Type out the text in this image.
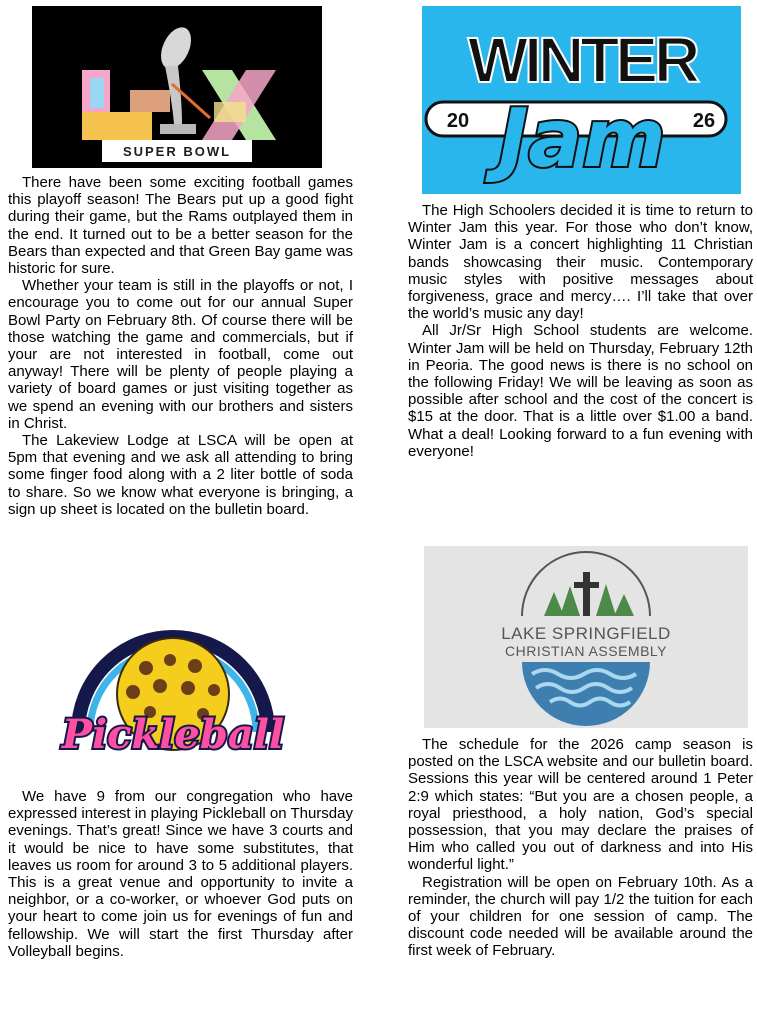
SUPER BOWL
WINTER
20	26
Jam

There have been some exciting football games this playoff season! The Bears put up a good fight during their game, but the Rams outplayed them in the end. It turned out to be a better season for the Bears than expected and that Green Bay game was historic for sure.

Whether your team is still in the playoffs or not, I encourage you to come out for our annual Super Bowl Party on February 8th. Of course there will be those watching the game and commercials, but if your are not interested in football, come out anyway! There will be plenty of people playing a variety of board games or just visiting together as we spend an evening with our brothers and sisters in Christ.

The Lakeview Lodge at LSCA will be open at 5pm that evening and we ask all attending to bring some finger food along with a 2 liter bottle of soda to share. So we know what everyone is bringing, a sign up sheet is located on the bulletin board.

We have 9 from our congregation who have expressed interest in playing Pickleball on Thursday evenings. That’s great! Since we have 3 courts and it would be nice to have some substitutes, that leaves us room for around 3 to 5 additional players. This is a great venue and opportunity to invite a neighbor, or a co-worker, or whoever God puts on your heart to come join us for evenings of fun and fellowship. We will start the first Thursday after Volleyball begins.

Pickleball

The High Schoolers decided it is time to return to Winter Jam this year. For those who don’t know, Winter Jam is a concert highlighting 11 Christian bands showcasing their music. Contemporary music styles with positive messages about forgiveness, grace and mercy…. I’ll take that over the world’s music any day!

All Jr/Sr High School students are welcome. Winter Jam will be held on Thursday, February 12th in Peoria. The good news is there is no school on the following Friday! We will be leaving as soon as possible after school and the cost of the concert is $15 at the door. That is a little over $1.00 a band. What a deal! Looking forward to a fun evening with everyone!

The schedule for the 2026 camp season is posted on the LSCA website and our bulletin board. Sessions this year will be centered around 1 Peter 2:9 which states: “But you are a chosen people, a royal priesthood, a holy nation, God’s special possession, that you may declare the praises of Him who called you out of darkness and into His wonderful light.”

Registration will be open on February 10th. As a reminder, the church will pay 1/2 the tuition for each of your children for one session of camp. The discount code needed will be available around the first week of February.

LAKE SPRINGFIELD
CHRISTIAN ASSEMBLY
